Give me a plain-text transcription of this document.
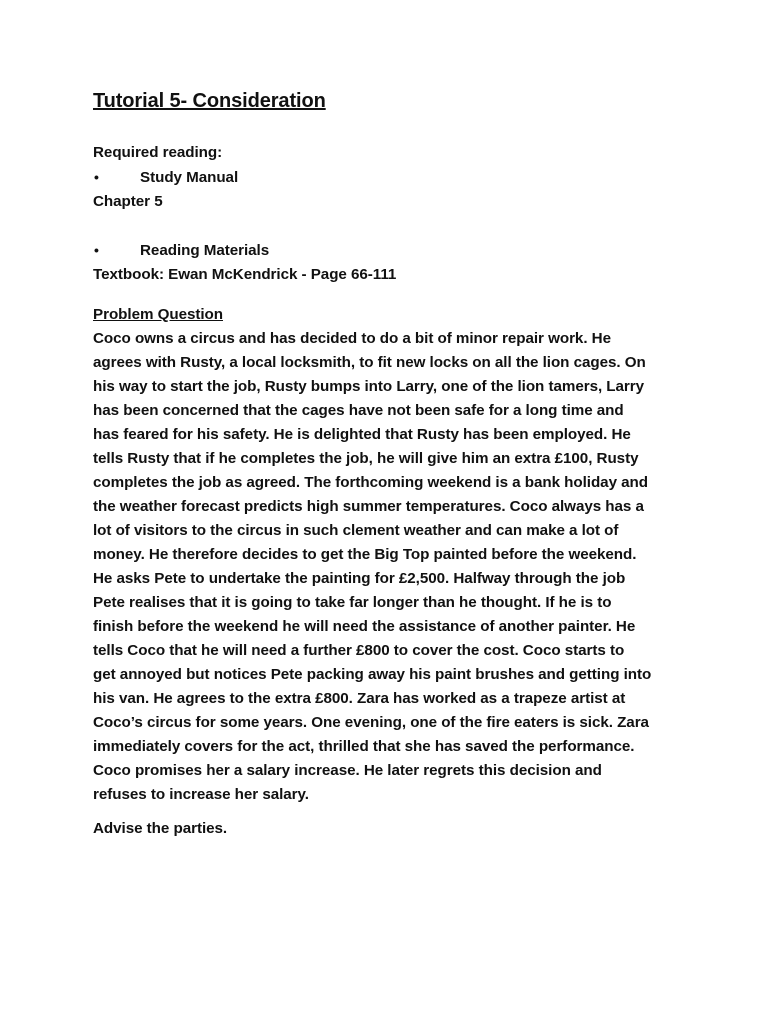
Tutorial 5- Consideration
Required reading:
•	Study Manual
Chapter 5
•	Reading Materials
Textbook: Ewan McKendrick - Page 66-111
Problem Question
Coco owns a circus and has decided to do a bit of minor repair work. He
agrees with Rusty, a local locksmith, to fit new locks on all the lion cages. On
his way to start the job, Rusty bumps into Larry, one of the lion tamers, Larry
has been concerned that the cages have not been safe for a long time and
has feared for his safety. He is delighted that Rusty has been employed. He
tells Rusty that if he completes the job, he will give him an extra £100, Rusty
completes the job as agreed. The forthcoming weekend is a bank holiday and
the weather forecast predicts high summer temperatures. Coco always has a
lot of visitors to the circus in such clement weather and can make a lot of
money. He therefore decides to get the Big Top painted before the weekend.
He asks Pete to undertake the painting for £2,500. Halfway through the job
Pete realises that it is going to take far longer than he thought. If he is to
finish before the weekend he will need the assistance of another painter. He
tells Coco that he will need a further £800 to cover the cost. Coco starts to
get annoyed but notices Pete packing away his paint brushes and getting into
his van. He agrees to the extra £800. Zara has worked as a trapeze artist at
Coco’s circus for some years. One evening, one of the fire eaters is sick. Zara
immediately covers for the act, thrilled that she has saved the performance.
Coco promises her a salary increase. He later regrets this decision and
refuses to increase her salary.
Advise the parties.
